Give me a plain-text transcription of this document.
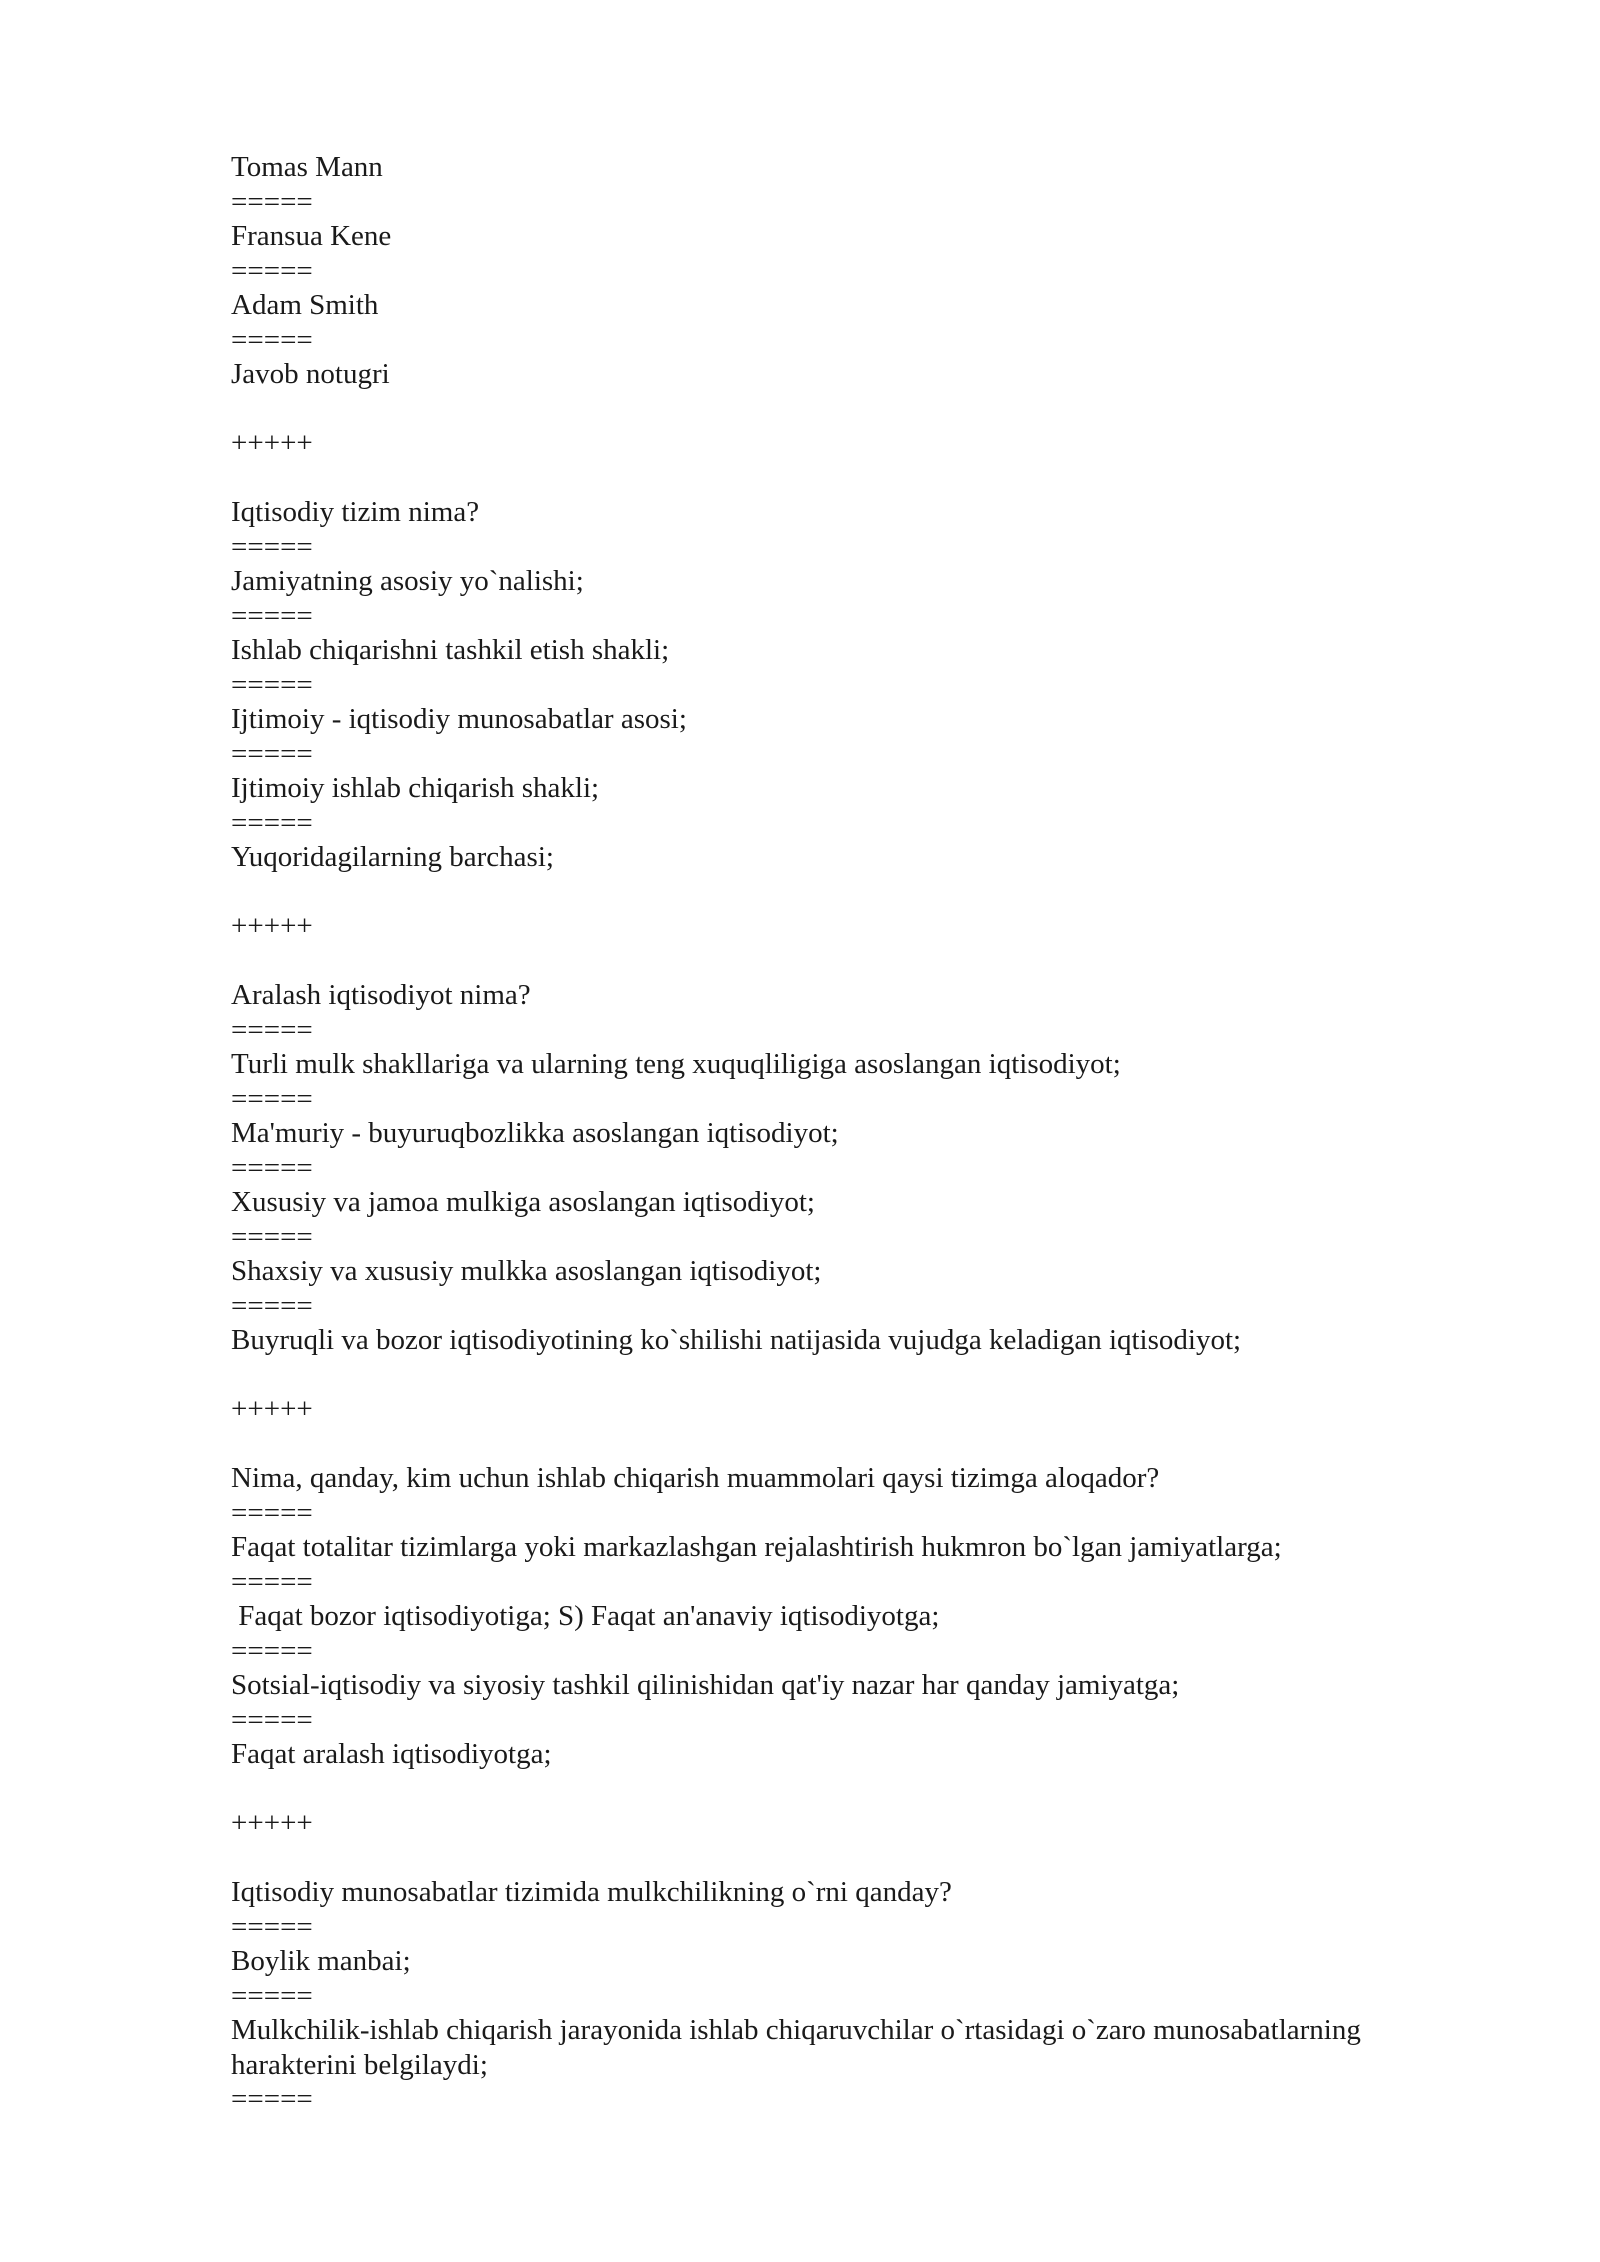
Tomas Mann
=====
Fransua Kene
=====
Adam Smith
=====
Javob notugri
+++++
Iqtisodiy tizim nima?
=====
Jamiyatning asosiy yo`nalishi;
=====
Ishlab chiqarishni tashkil etish shakli;
=====
Ijtimoiy - iqtisodiy munosabatlar asosi;
=====
Ijtimoiy ishlab chiqarish shakli;
=====
Yuqoridagilarning barchasi;
+++++
Aralash iqtisodiyot nima?
=====
Turli mulk shakllariga va ularning teng xuquqliligiga asoslangan iqtisodiyot;
=====
Ma'muriy - buyuruqbozlikka asoslangan iqtisodiyot;
=====
Xususiy va jamoa mulkiga asoslangan iqtisodiyot;
=====
Shaxsiy va xususiy mulkka asoslangan iqtisodiyot;
=====
Buyruqli va bozor iqtisodiyotining ko`shilishi natijasida vujudga keladigan iqtisodiyot;
+++++
Nima, qanday, kim uchun ishlab chiqarish muammolari qaysi tizimga aloqador?
=====
Faqat totalitar tizimlarga yoki markazlashgan rejalashtirish hukmron bo`lgan jamiyatlarga;
=====
Faqat bozor iqtisodiyotiga; S) Faqat an'anaviy iqtisodiyotga;
=====
Sotsial-iqtisodiy va siyosiy tashkil qilinishidan qat'iy nazar har qanday jamiyatga;
=====
Faqat aralash iqtisodiyotga;
+++++
Iqtisodiy munosabatlar tizimida mulkchilikning o`rni qanday?
=====
Boylik manbai;
=====
Mulkchilik-ishlab chiqarish jarayonida ishlab chiqaruvchilar o`rtasidagi o`zaro munosabatlarning harakterini belgilaydi;
=====
